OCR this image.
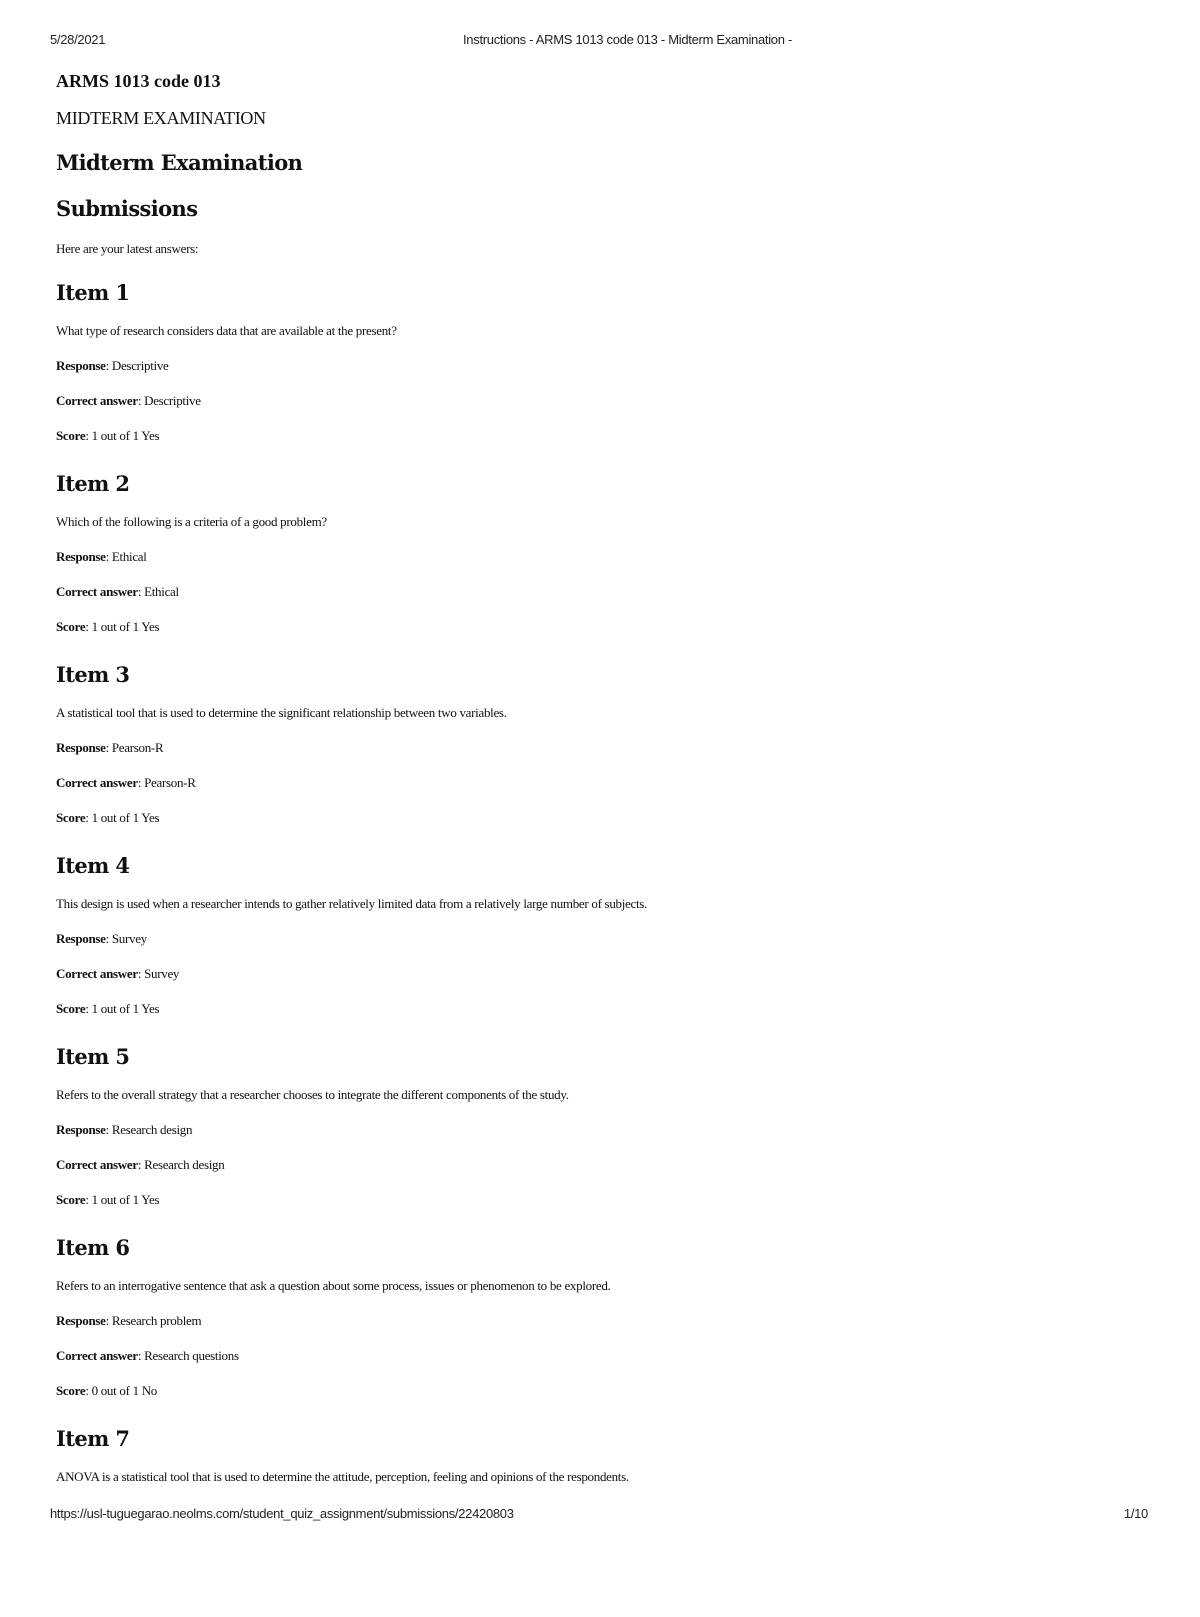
5/28/2021	Instructions - ARMS 1013 code 013 - Midterm Examination -

ARMS 1013 code 013

MIDTERM EXAMINATION

Midterm Examination
Submissions

Here are your latest answers:

Item 1

What type of research considers data that are available at the present?

Response: Descriptive

Correct answer: Descriptive

Score: 1 out of 1 Yes

Item 2

Which of the following is a criteria of a good problem?

Response: Ethical

Correct answer: Ethical

Score: 1 out of 1 Yes

Item 3

A statistical tool that is used to determine the significant relationship between two variables.

Response: Pearson-R

Correct answer: Pearson-R

Score: 1 out of 1 Yes

Item 4

This design is used when a researcher intends to gather relatively limited data from a relatively large number of subjects.

Response: Survey

Correct answer: Survey

Score: 1 out of 1 Yes

Item 5

Refers to the overall strategy that a researcher chooses to integrate the different components of the study.

Response: Research design

Correct answer: Research design

Score: 1 out of 1 Yes

Item 6

Refers to an interrogative sentence that ask a question about some process, issues or phenomenon to be explored.

Response: Research problem

Correct answer: Research questions

Score: 0 out of 1 No

Item 7

ANOVA is a statistical tool that is used to determine the attitude, perception, feeling and opinions of the respondents.

https://usl-tuguegarao.neolms.com/student_quiz_assignment/submissions/22420803	1/10
